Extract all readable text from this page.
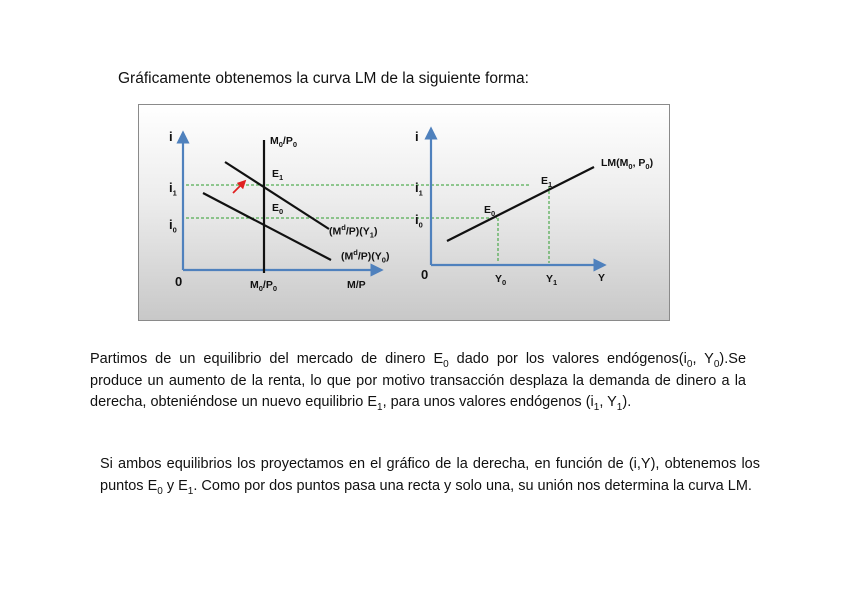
Gráficamente obtenemos la curva LM de la siguiente forma:
i
$i_1$
$i_0$
0
$M_0/P_0$
$E_1$
$E_0$
$(M^d/P)(Y_1)$
$(M^d/P)(Y_0)$
$M_0/P_0$	M/P
i
$i_1$
$i_0$
0
$E_0$
$E_1$
$LM(M_0$, $P_0$)
$Y_0$	$Y_1$	Y
Partimos de un equilibrio del mercado de dinero $E_0$ dado por los valores $endógenos(i_0$, $Y_0).Se$ produce un aumento de la renta, lo que por motivo transacción desplaza la demanda de dinero a la derecha, obteniéndose un nuevo equilibrio $E_1$, para unos valores endógenos ($i_1$, $Y_1$).
Si ambos equilibrios los proyectamos en el gráfico de la derecha, en función de (i,Y), obtenemos los puntos $E_0$ y $E_1$. Como por dos puntos pasa una recta y solo una, su unión nos determina la curva LM.
